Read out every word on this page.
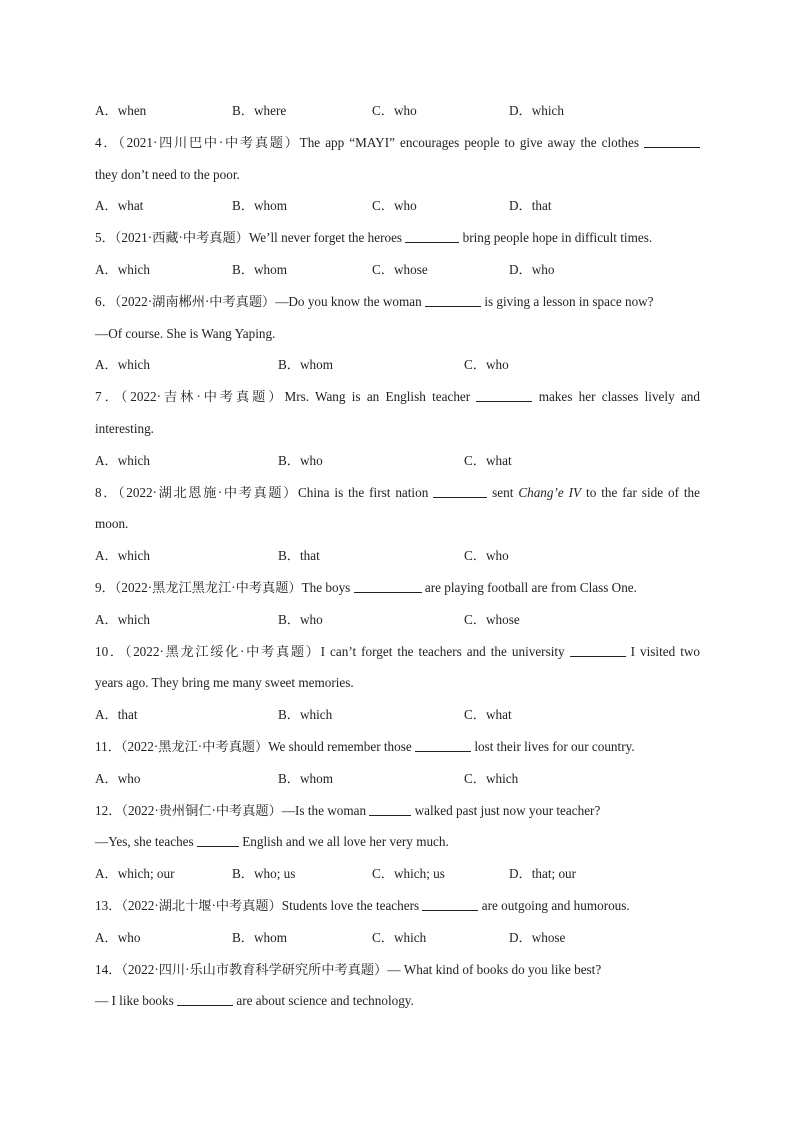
A．when	B．where	C．who	D．which
4．（2021·四川巴中·中考真题）The app “MAYI” encourages people to give away the clothes
they don’t need to the poor.
A．what	B．whom	C．who	D．that
5．（2021·西藏·中考真题）We’ll never forget the heroes	bring people hope in difficult times.
A．which	B．whom	C．whose	D．who
6．（2022·湖南郴州·中考真题）—Do you know the woman	is giving a lesson in space now?
—Of course. She is Wang Yaping.
A．which	B．whom	C．who
7．（2022·吉林·中考真题）Mrs. Wang is an English teacher	makes her classes lively and
interesting.
A．which	B．who	C．what
8．（2022·湖北恩施·中考真题）China is the first nation	sent Chang’e IV to the far side of the
moon.
A．which	B．that	C．who
9．（2022·黑龙江黑龙江·中考真题）The boys	are playing football are from Class One.
A．which	B．who	C．whose
10．（2022·黑龙江绥化·中考真题）I can’t forget the teachers and the university	I visited two
years ago. They bring me many sweet memories.
A．that	B．which	C．what
11．（2022·黑龙江·中考真题）We should remember those	lost their lives for our country.
A．who	B．whom	C．which
12．（2022·贵州铜仁·中考真题）—Is the woman	walked past just now your teacher?
—Yes, she teaches	English and we all love her very much.
A．which; our	B．who; us	C．which; us	D．that; our
13．（2022·湖北十堰·中考真题）Students love the teachers	are outgoing and humorous.
A．who	B．whom	C．which	D．whose
14．（2022·四川·乐山市教育科学研究所中考真题）— What kind of books do you like best?
— I like books	are about science and technology.
